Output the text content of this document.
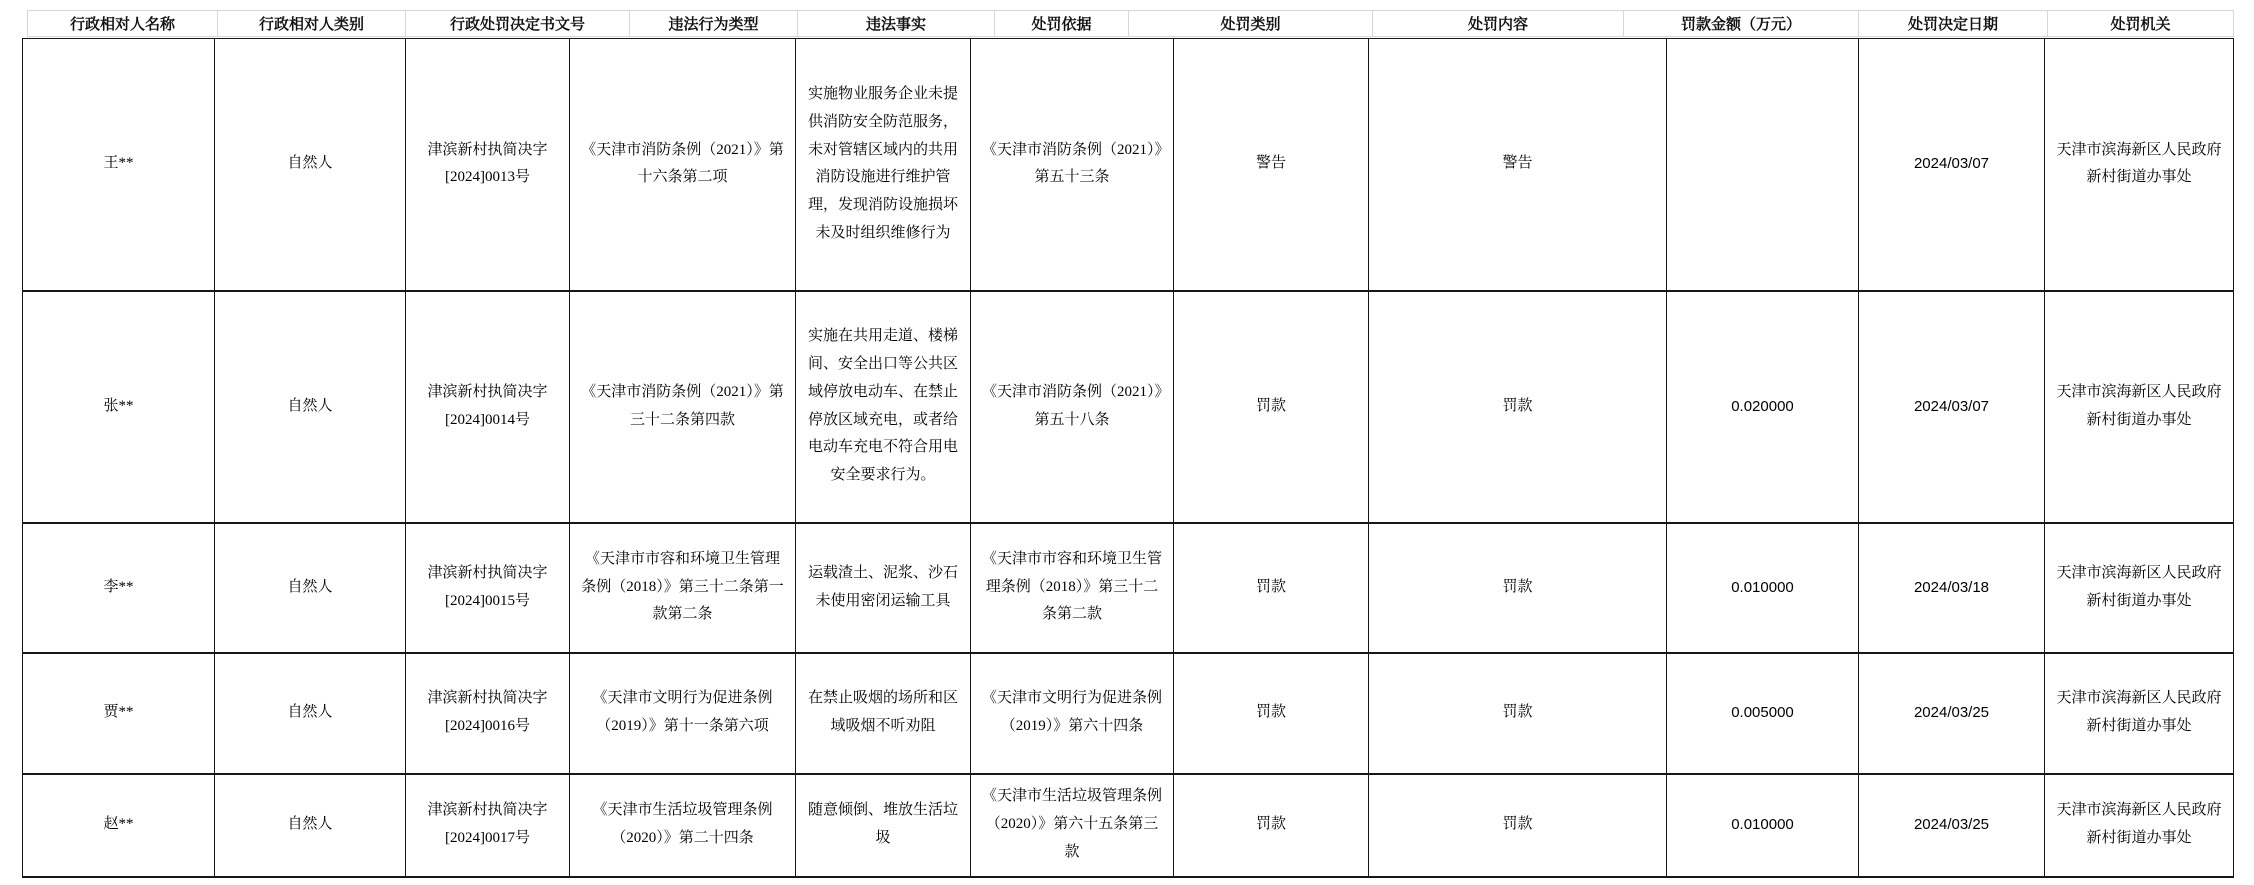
行政相对人名称	行政相对人类别	行政处罚决定书文号	违法行为类型	违法事实	处罚依据	处罚类别	处罚内容	罚款金额（万元）	处罚决定日期	处罚机关
王**	自然人	津滨新村执简决字[2024]0013号	《天津市消防条例（2021）》第十六条第二项	实施物业服务企业未提供消防安全防范服务，未对管辖区域内的共用消防设施进行维护管理，发现消防设施损坏未及时组织维修行为	《天津市消防条例（2021）》第五十三条	警告	警告		2024/03/07	天津市滨海新区人民政府新村街道办事处
张**	自然人	津滨新村执简决字[2024]0014号	《天津市消防条例（2021）》第三十二条第四款	实施在共用走道、楼梯间、安全出口等公共区域停放电动车、在禁止停放区域充电，或者给电动车充电不符合用电安全要求行为。	《天津市消防条例（2021）》第五十八条	罚款	罚款	0.020000	2024/03/07	天津市滨海新区人民政府新村街道办事处
李**	自然人	津滨新村执简决字[2024]0015号	《天津市市容和环境卫生管理条例（2018）》第三十二条第一款第二条	运载渣土、泥浆、沙石未使用密闭运输工具	《天津市市容和环境卫生管理条例（2018）》第三十二条第二款	罚款	罚款	0.010000	2024/03/18	天津市滨海新区人民政府新村街道办事处
贾**	自然人	津滨新村执简决字[2024]0016号	《天津市文明行为促进条例（2019）》第十一条第六项	在禁止吸烟的场所和区域吸烟不听劝阻	《天津市文明行为促进条例（2019）》第六十四条	罚款	罚款	0.005000	2024/03/25	天津市滨海新区人民政府新村街道办事处
赵**	自然人	津滨新村执简决字[2024]0017号	《天津市生活垃圾管理条例（2020）》第二十四条	随意倾倒、堆放生活垃圾	《天津市生活垃圾管理条例（2020）》第六十五条第三款	罚款	罚款	0.010000	2024/03/25	天津市滨海新区人民政府新村街道办事处
